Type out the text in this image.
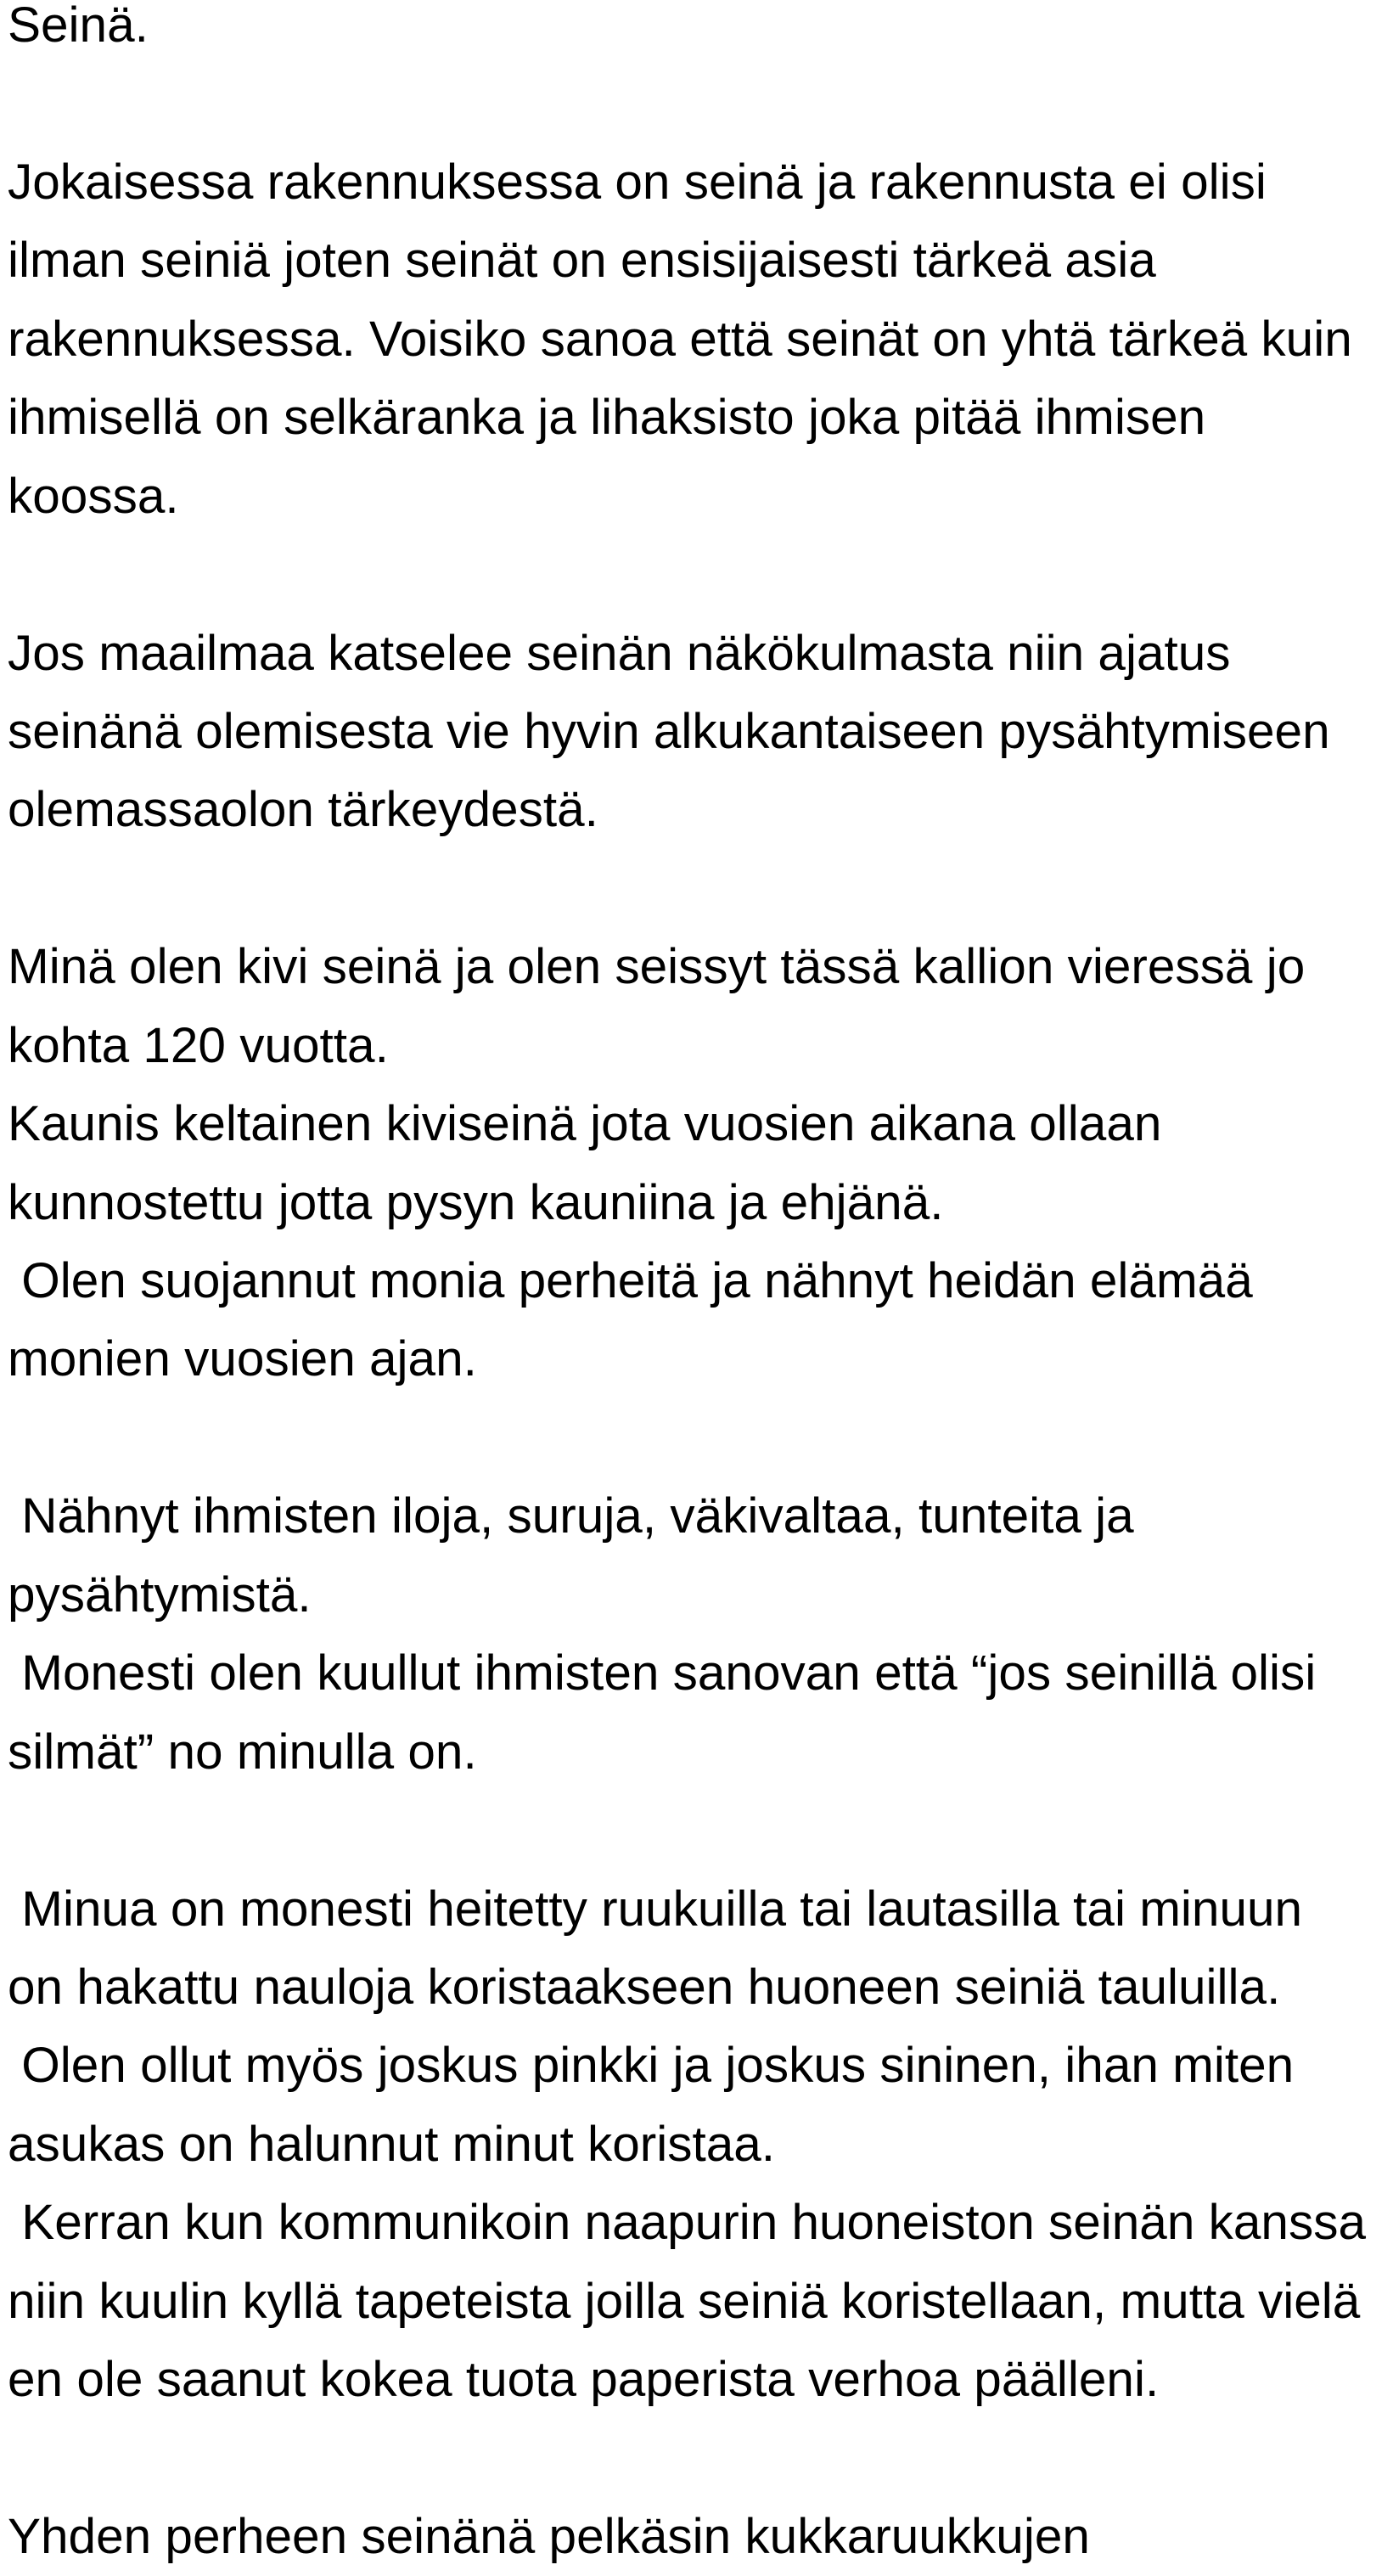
Seinä.
Jokaisessa rakennuksessa on seinä ja rakennusta ei olisi
ilman seiniä joten seinät on ensisijaisesti tärkeä asia
rakennuksessa. Voisiko sanoa että seinät on yhtä tärkeä kuin
ihmisellä on selkäranka ja lihaksisto joka pitää ihmisen
koossa.
Jos maailmaa katselee seinän näkökulmasta niin ajatus
seinänä olemisesta vie hyvin alkukantaiseen pysähtymiseen
olemassaolon tärkeydestä.
Minä olen kivi seinä ja olen seissyt tässä kallion vieressä jo
kohta 120 vuotta.
Kaunis keltainen kiviseinä jota vuosien aikana ollaan
kunnostettu jotta pysyn kauniina ja ehjänä.
Olen suojannut monia perheitä ja nähnyt heidän elämää
monien vuosien ajan.
Nähnyt ihmisten iloja, suruja, väkivaltaa, tunteita ja
pysähtymistä.
Monesti olen kuullut ihmisten sanovan että “jos seinillä olisi
silmät” no minulla on.
Minua on monesti heitetty ruukuilla tai lautasilla tai minuun
on hakattu nauloja koristaakseen huoneen seiniä tauluilla.
Olen ollut myös joskus pinkki ja joskus sininen, ihan miten
asukas on halunnut minut koristaa.
Kerran kun kommunikoin naapurin huoneiston seinän kanssa
niin kuulin kyllä tapeteista joilla seiniä koristellaan, mutta vielä
en ole saanut kokea tuota paperista verhoa päälleni.
Yhden perheen seinänä pelkäsin kukkaruukkujen
